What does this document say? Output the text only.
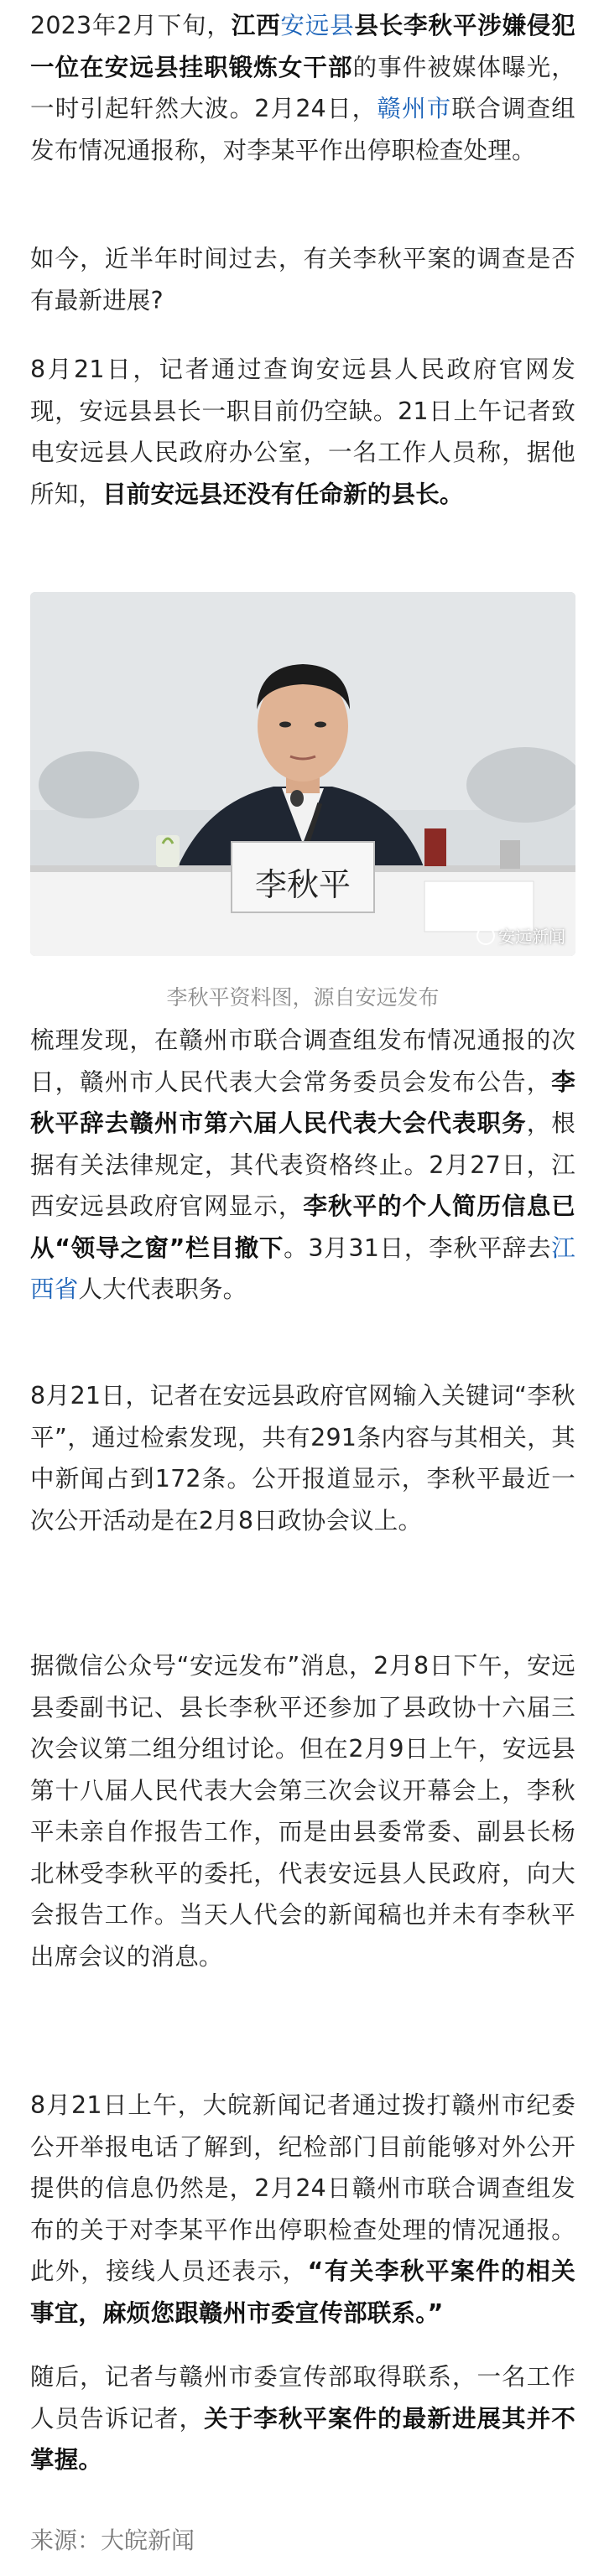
2023年2月下旬，江西安远县县长李秋平涉嫌侵犯一位在安远县挂职锻炼女干部的事件被媒体曝光，一时引起轩然大波。2月24日，赣州市联合调查组发布情况通报称，对李某平作出停职检查处理。

如今，近半年时间过去，有关李秋平案的调查是否有最新进展?

8月21日，记者通过查询安远县人民政府官网发现，安远县县长一职目前仍空缺。21日上午记者致电安远县人民政府办公室，一名工作人员称，据他所知，目前安远县还没有任命新的县长。

梳理发现，在赣州市联合调查组发布情况通报的次日，赣州市人民代表大会常务委员会发布公告，李秋平辞去赣州市第六届人民代表大会代表职务，根据有关法律规定，其代表资格终止。2月27日，江西安远县政府官网显示，李秋平的个人简历信息已从“领导之窗”栏目撤下。3月31日，李秋平辞去江西省人大代表职务。

8月21日，记者在安远县政府官网输入关键词“李秋平”，通过检索发现，共有291条内容与其相关，其中新闻占到172条。公开报道显示，李秋平最近一次公开活动是在2月8日政协会议上。

据微信公众号“安远发布”消息，2月8日下午，安远县委副书记、县长李秋平还参加了县政协十六届三次会议第二组分组讨论。但在2月9日上午，安远县第十八届人民代表大会第三次会议开幕会上，李秋平未亲自作报告工作，而是由县委常委、副县长杨北林受李秋平的委托，代表安远县人民政府，向大会报告工作。当天人代会的新闻稿也并未有李秋平出席会议的消息。

8月21日上午，大皖新闻记者通过拨打赣州市纪委公开举报电话了解到，纪检部门目前能够对外公开提供的信息仍然是，2月24日赣州市联合调查组发布的关于对李某平作出停职检查处理的情况通报。此外，接线人员还表示，“有关李秋平案件的相关事宜，麻烦您跟赣州市委宣传部联系。”

随后，记者与赣州市委宣传部取得联系，一名工作人员告诉记者，关于李秋平案件的最新进展其并不掌握。

李秋平
安远新闻
李秋平资料图，源自安远发布
来源：大皖新闻
